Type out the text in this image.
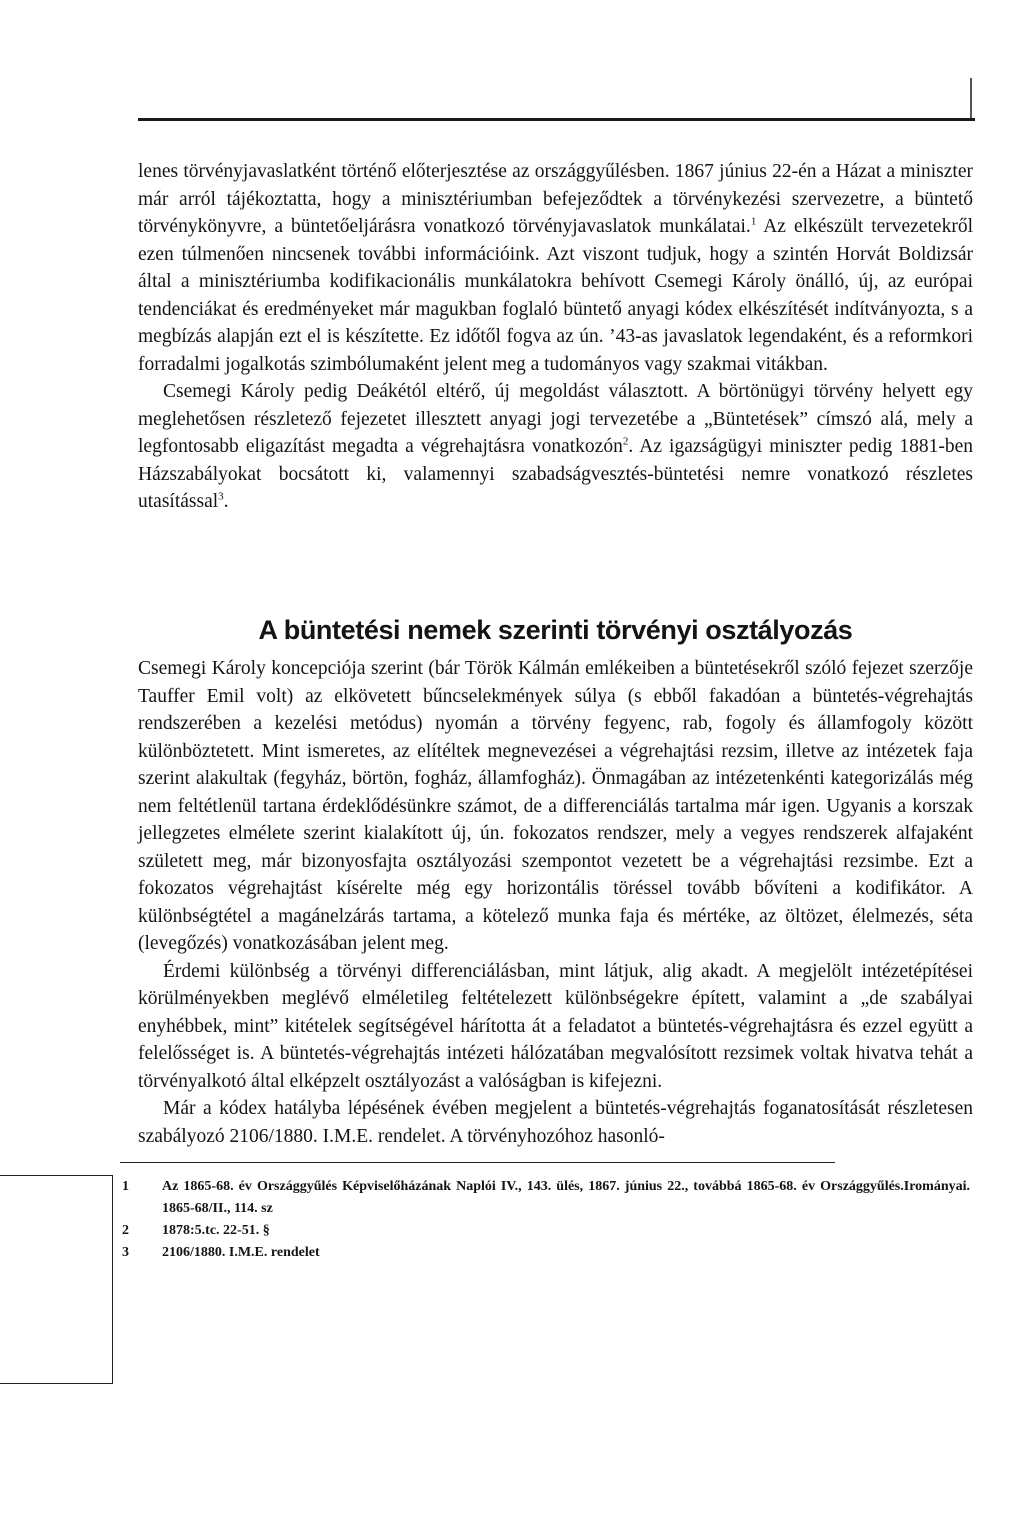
lenes törvényjavaslatként történő előterjesztése az országgyűlésben. 1867 június 22-én a Házat a miniszter már arról tájékoztatta, hogy a minisztériumban befejeződtek a törvénykezési szervezetre, a büntető törvénykönyvre, a büntetőeljárásra vonatkozó törvényjavaslatok munkálatai.$^1$ Az elkészült tervezetekről ezen túlmenően nincsenek további információink. Azt viszont tudjuk, hogy a szintén Horvát Boldizsár által a minisztériumba kodifikacionális munkálatokra behívott Csemegi Károly önálló, új, az európai tendenciákat és eredményeket már magukban foglaló büntető anyagi kódex elkészítését indítványozta, s a megbízás alapján ezt el is készítette. Ez időtől fogva az ún. ’43-as javaslatok legendaként, és a reformkori forradalmi jogalkotás szimbólumaként jelent meg a tudományos vagy szakmai vitákban.

Csemegi Károly pedig Deákétól eltérő, új megoldást választott. A börtönügyi törvény helyett egy meglehetősen részletező fejezetet illesztett anyagi jogi tervezetébe a „Büntetések” címszó alá, mely a legfontosabb eligazítást megadta a végrehajtásra vonatkozón$^2$. Az igazságügyi miniszter pedig 1881-ben Házszabályokat bocsátott ki, valamennyi szabadságvesztés-büntetési nemre vonatkozó részletes utasítással$^3$.

A büntetési nemek szerinti törvényi osztályozás

Csemegi Károly koncepciója szerint (bár Török Kálmán emlékeiben a büntetésekről szóló fejezet szerzője Tauffer Emil volt) az elkövetett bűncselekmények súlya (s ebből fakadóan a büntetés-végrehajtás rendszerében a kezelési metódus) nyomán a törvény fegyenc, rab, fogoly és államfogoly között különböztetett. Mint ismeretes, az elítéltek megnevezései a végrehajtási rezsim, illetve az intézetek faja szerint alakultak (fegyház, börtön, fogház, államfogház). Önmagában az intézetenkénti kategorizálás még nem feltétlenül tartana érdeklődésünkre számot, de a differenciálás tartalma már igen. Ugyanis a korszak jellegzetes elmélete szerint kialakított új, ún. fokozatos rendszer, mely a vegyes rendszerek alfajaként született meg, már bizonyosfajta osztályozási szempontot vezetett be a végrehajtási rezsimbe. Ezt a fokozatos végrehajtást kísérelte még egy horizontális töréssel tovább bővíteni a kodifikátor. A különbségtétel a magánelzárás tartama, a kötelező munka faja és mértéke, az öltözet, élelmezés, séta (levegőzés) vonatkozásában jelent meg.

Érdemi különbség a törvényi differenciálásban, mint látjuk, alig akadt. A megjelölt intézetépítései körülményekben meglévő elméletileg feltételezett különbségekre épített, valamint a „de szabályai enyhébbek, mint” kitételek segítségével hárította át a feladatot a büntetés-végrehajtásra és ezzel együtt a felelősséget is. A büntetés-végrehajtás intézeti hálózatában megvalósított rezsimek voltak hivatva tehát a törvényalkotó által elképzelt osztályozást a valóságban is kifejezni.

Már a kódex hatályba lépésének évében megjelent a büntetés-végrehajtás foganatosítását részletesen szabályozó 2106/1880. I.M.E. rendelet. A törvényhozóhoz hasonló-

1	Az 1865-68. év Országgyűlés Képviselőházának Naplói IV., 143. ülés, 1867. június 22., továbbá 1865-68. év Országgyűlés.Irományai. 1865-68/II., 114. sz
2	1878:5.tc. 22-51. §
3	2106/1880. I.M.E. rendelet
